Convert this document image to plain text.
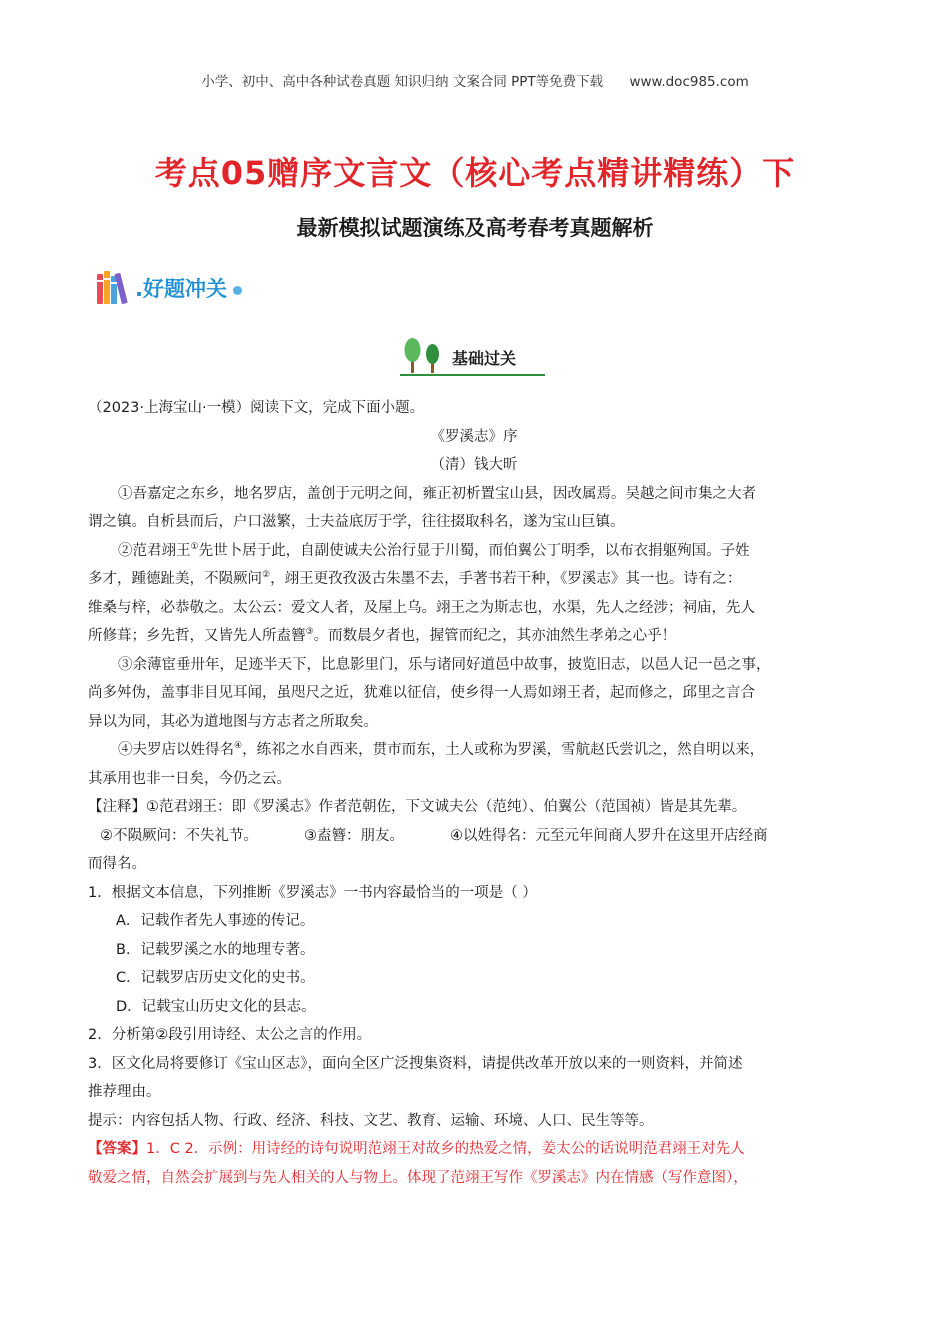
小学、初中、高中各种试卷真题 知识归纳 文案合同 PPT等免费下载 www.doc985.com
考点05赠序文言文（核心考点精讲精练）下
最新模拟试题演练及高考春考真题解析
.好题冲关
基础过关

（2023·上海宝山·一模）阅读下文，完成下面小题。

《罗溪志》序

（清）钱大昕

①吾嘉定之东乡，地名罗店，盖创于元明之间，雍正初析置宝山县，因改属焉。吴越之间市集之大者

谓之镇。自析县而后，户口滋繁，士夫益底厉于学，往往掇取科名，遂为宝山巨镇。

②范君翊王①先世卜居于此，自副使诚夫公治行显于川蜀，而伯翼公丁明季，以布衣捐躯殉国。子姓

多才，踵德趾美，不陨厥问②，翊王更孜孜汲古朱墨不去，手著书若干种，《罗溪志》其一也。诗有之：

维桑与梓，必恭敬之。太公云：爱文人者，及屋上乌。翊王之为斯志也，水渠，先人之经涉；祠庙，先人

所修葺；乡先哲，又皆先人所盍簪③。而数晨夕者也，握管而纪之，其亦油然生孝弟之心乎！

③余薄宦垂卅年，足迹半天下，比息影里门，乐与诸同好道邑中故事，披览旧志，以邑人记一邑之事，

尚多舛伪，盖事非目见耳闻，虽咫尺之近，犹难以征信，使乡得一人焉如翊王者，起而修之，邱里之言合

异以为同，其必为道地图与方志者之所取矣。

④夫罗店以姓得名④，练祁之水自西来，贯市而东，土人或称为罗溪，雪航赵氏尝讥之，然自明以来，

其承用也非一日矣，今仍之云。

【注释】①范君翊王：即《罗溪志》作者范朝佐，下文诚夫公（范纯）、伯翼公（范国祯）皆是其先辈。

②不陨厥问：不失礼节。	③盍簪：朋友。	④以姓得名：元至元年间商人罗升在这里开店经商

而得名。

1．根据文本信息，下列推断《罗溪志》一书内容最恰当的一项是（ ）

A．记载作者先人事迹的传记。

B．记载罗溪之水的地理专著。

C．记载罗店历史文化的史书。

D．记载宝山历史文化的县志。

2．分析第②段引用诗经、太公之言的作用。

3．区文化局将要修订《宝山区志》，面向全区广泛搜集资料，请提供改革开放以来的一则资料，并简述

推荐理由。

提示：内容包括人物、行政、经济、科技、文艺、教育、运输、环境、人口、民生等等。

【答案】1．C 2．示例：用诗经的诗句说明范翊王对故乡的热爱之情，姜太公的话说明范君翊王对先人

敬爱之情，自然会扩展到与先人相关的人与物上。体现了范翊王写作《罗溪志》内在情感（写作意图），
